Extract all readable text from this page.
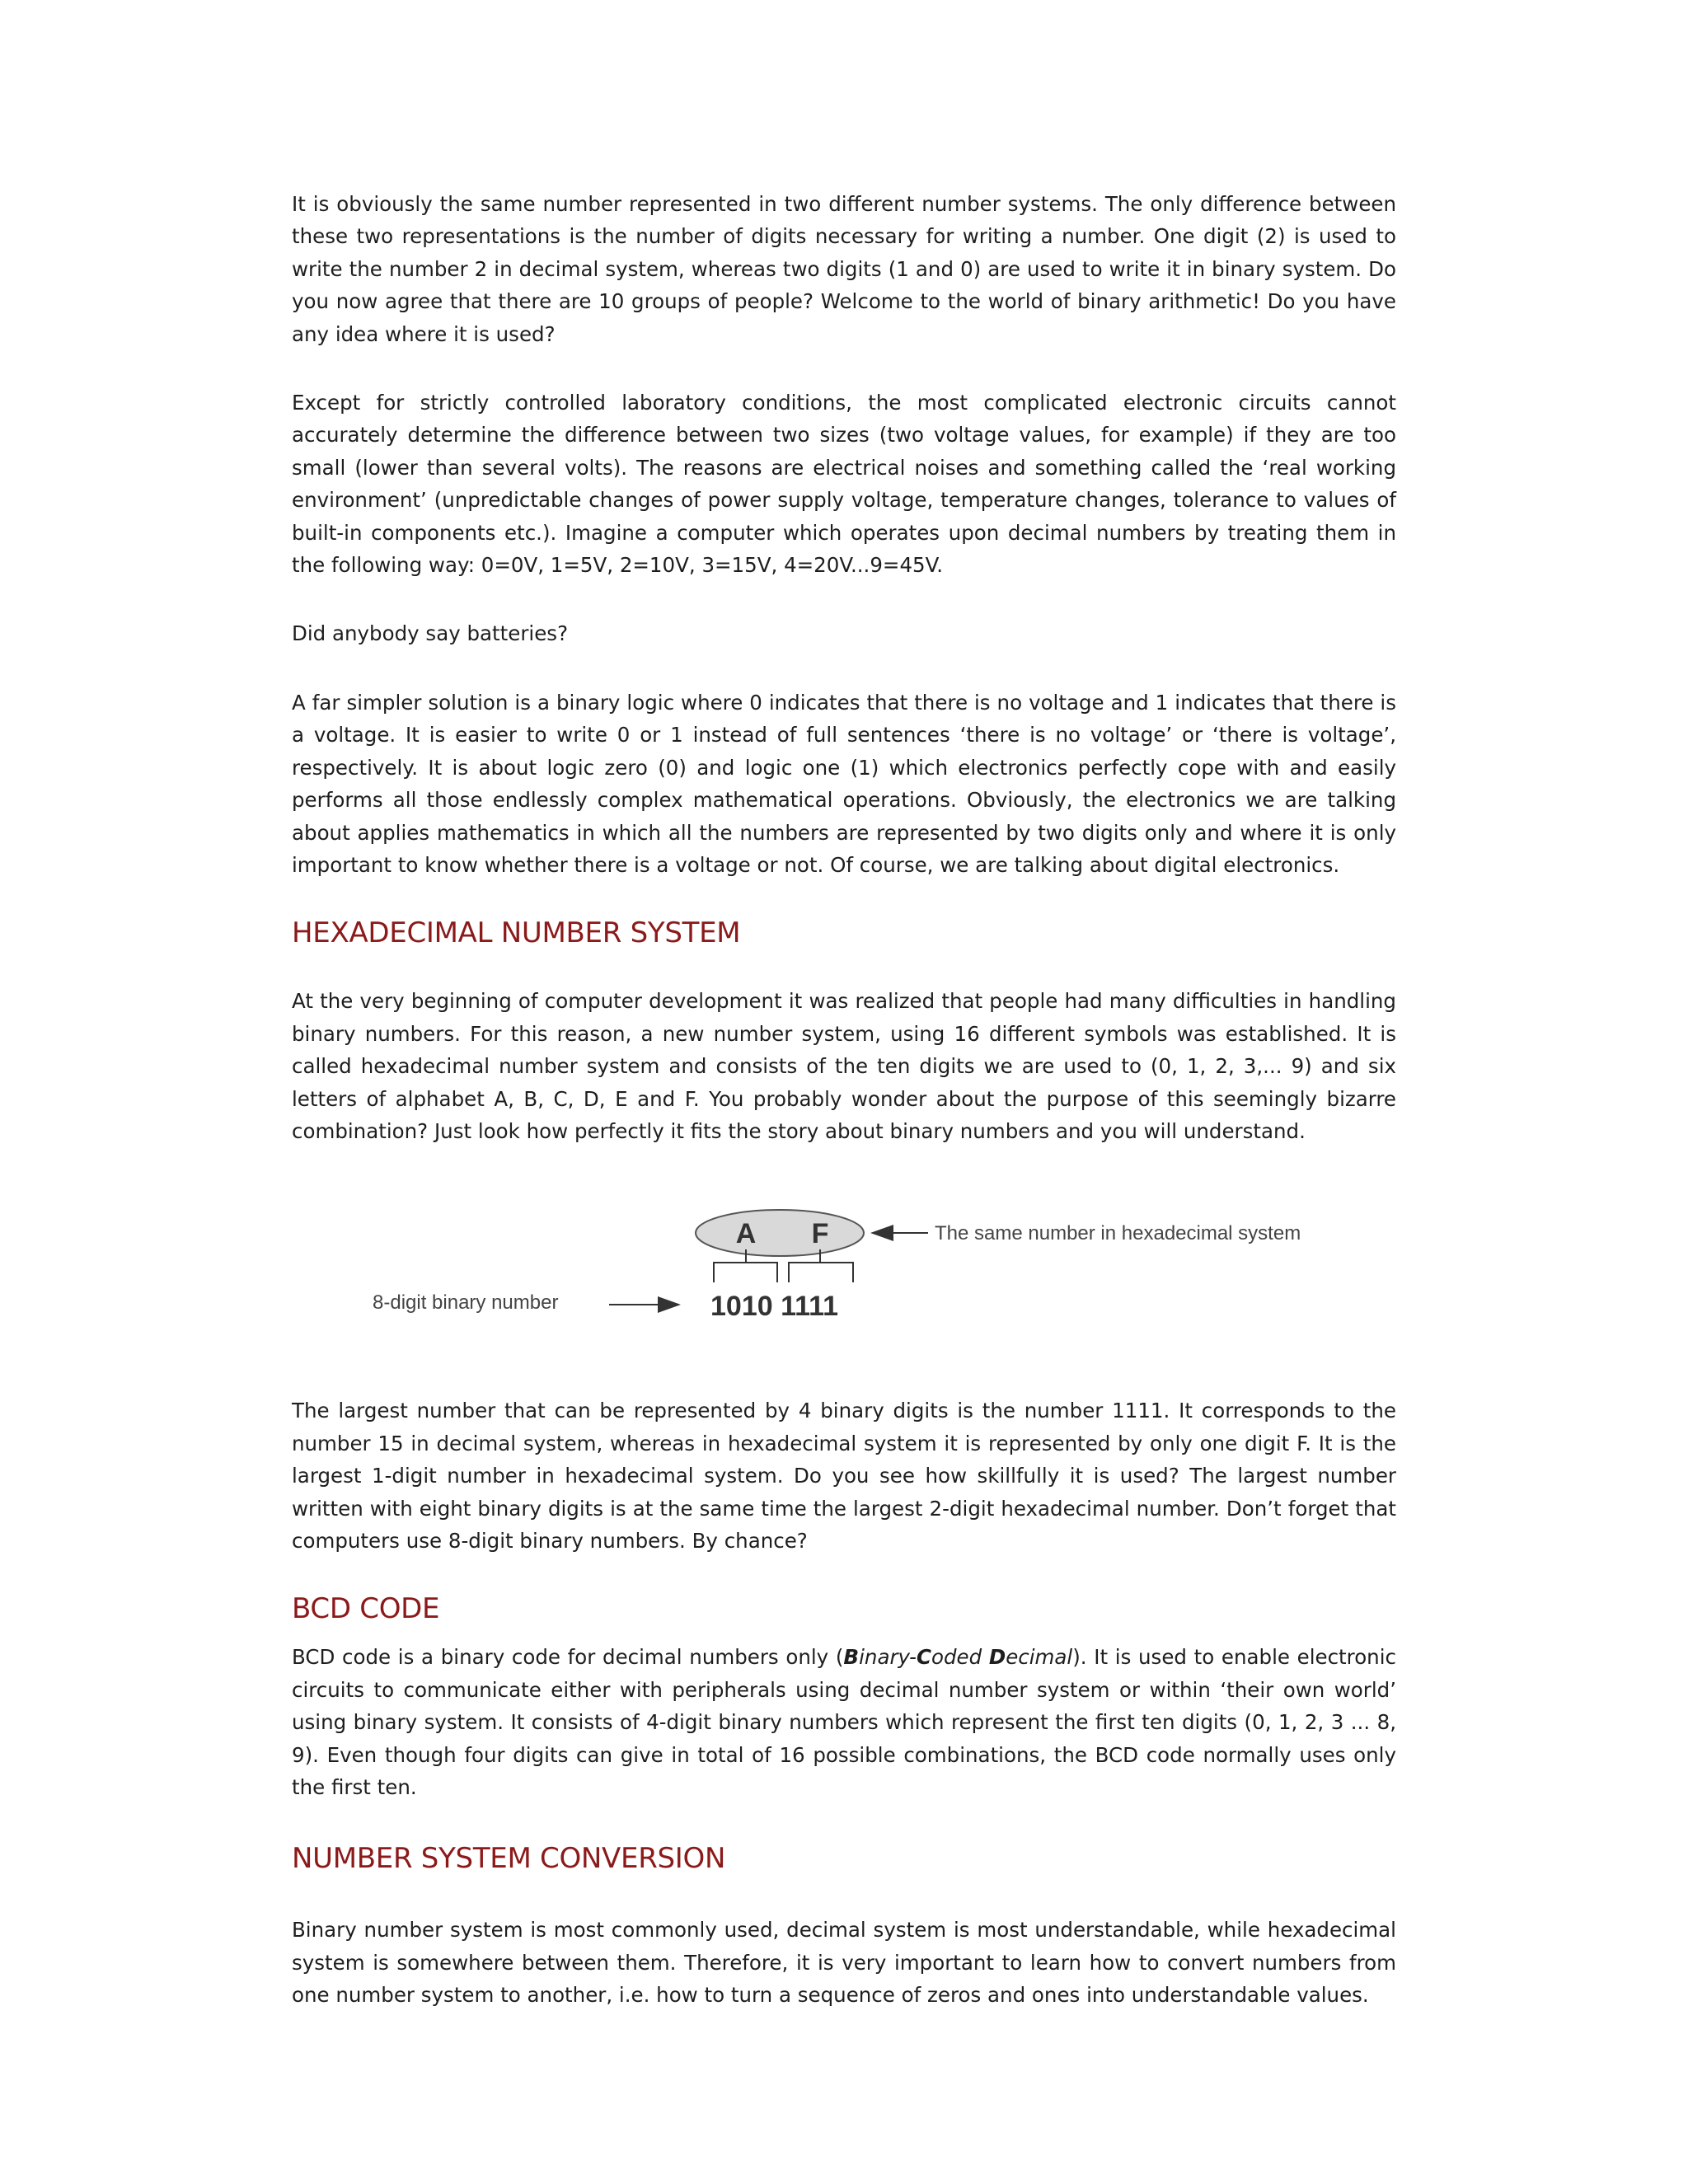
It is obviously the same number represented in two different number systems. The only difference between these two representations is the number of digits necessary for writing a number. One digit (2) is used to write the number 2 in decimal system, whereas two digits (1 and 0) are used to write it in binary system. Do you now agree that there are 10 groups of people? Welcome to the world of binary arithmetic! Do you have any idea where it is used?

Except for strictly controlled laboratory conditions, the most complicated electronic circuits cannot accurately determine the difference between two sizes (two voltage values, for example) if they are too small (lower than several volts). The reasons are electrical noises and something called the ‘real working environment’ (unpredictable changes of power supply voltage, temperature changes, tolerance to values of built-in components etc.). Imagine a computer which operates upon decimal numbers by treating them in the following way: 0=0V, 1=5V, 2=10V, 3=15V, 4=20V...9=45V.

Did anybody say batteries?

A far simpler solution is a binary logic where 0 indicates that there is no voltage and 1 indicates that there is a voltage. It is easier to write 0 or 1 instead of full sentences ‘there is no voltage’ or ‘there is voltage’, respectively. It is about logic zero (0) and logic one (1) which electronics perfectly cope with and easily performs all those endlessly complex mathematical operations. Obviously, the electronics we are talking about applies mathematics in which all the numbers are represented by two digits only and where it is only important to know whether there is a voltage or not. Of course, we are talking about digital electronics.

HEXADECIMAL NUMBER SYSTEM

At the very beginning of computer development it was realized that people had many difficulties in handling binary numbers. For this reason, a new number system, using 16 different symbols was established. It is called hexadecimal number system and consists of the ten digits we are used to (0, 1, 2, 3,... 9) and six letters of alphabet A, B, C, D, E and F. You probably wonder about the purpose of this seemingly bizarre combination? Just look how perfectly it fits the story about binary numbers and you will understand.

A F
1010 1111
The same number in hexadecimal system
8-digit binary number

The largest number that can be represented by 4 binary digits is the number 1111. It corresponds to the number 15 in decimal system, whereas in hexadecimal system it is represented by only one digit F. It is the largest 1-digit number in hexadecimal system. Do you see how skillfully it is used? The largest number written with eight binary digits is at the same time the largest 2-digit hexadecimal number. Don’t forget that computers use 8-digit binary numbers. By chance?

BCD CODE

BCD code is a binary code for decimal numbers only (Binary-Coded Decimal). It is used to enable electronic circuits to communicate either with peripherals using decimal number system or within ‘their own world’ using binary system. It consists of 4-digit binary numbers which represent the first ten digits (0, 1, 2, 3 ... 8, 9). Even though four digits can give in total of 16 possible combinations, the BCD code normally uses only the first ten.

NUMBER SYSTEM CONVERSION

Binary number system is most commonly used, decimal system is most understandable, while hexadecimal system is somewhere between them. Therefore, it is very important to learn how to convert numbers from one number system to another, i.e. how to turn a sequence of zeros and ones into understandable values.
